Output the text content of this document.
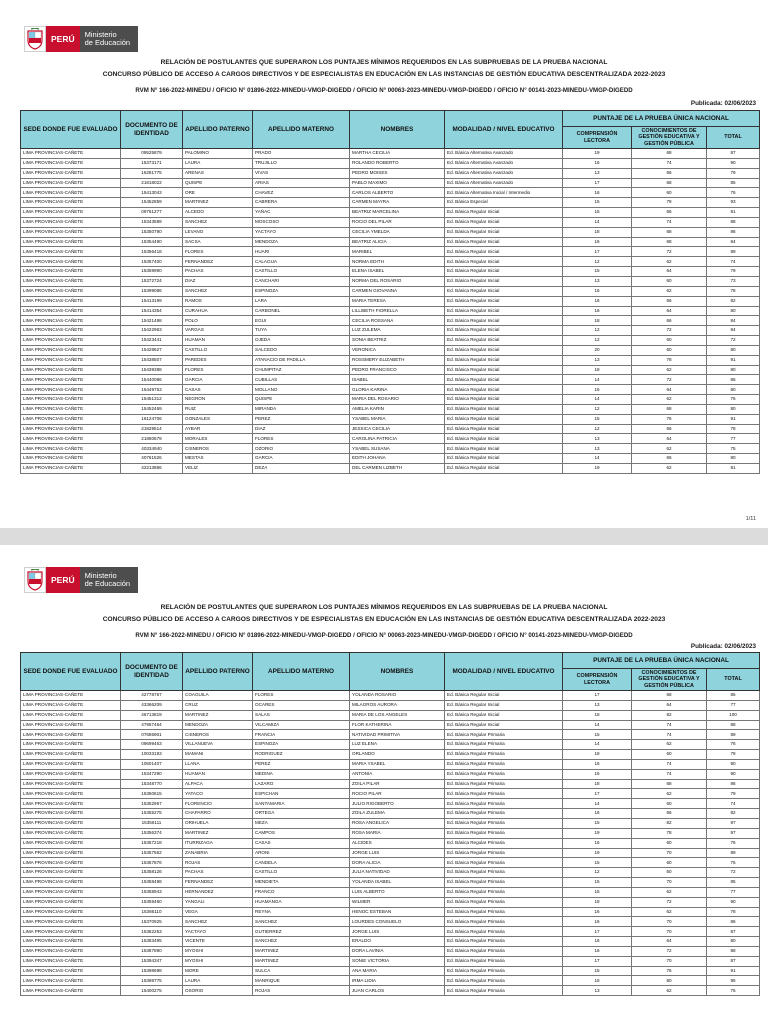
PERÚ	Ministerio
de Educación
RELACIÓN DE POSTULANTES QUE SUPERARON LOS PUNTAJES MÍNIMOS REQUERIDOS EN LAS SUBPRUEBAS DE LA PRUEBA NACIONAL
CONCURSO PÚBLICO DE ACCESO A CARGOS DIRECTIVOS Y DE ESPECIALISTAS EN EDUCACIÓN EN LAS INSTANCIAS DE GESTIÓN EDUCATIVA DESCENTRALIZADA 2022-2023
RVM N° 166-2022-MINEDU / OFICIO N° 01896-2022-MINEDU-VMGP-DIGEDD / OFICIO N° 00063-2023-MINEDU-VMGP-DIGEDD / OFICIO N° 00141-2023-MINEDU-VMGP-DIGEDD
Publicada: 02/06/2023
SEDE DONDE FUE EVALUADO	DOCUMENTO DE IDENTIDAD	APELLIDO PATERNO	APELLIDO MATERNO	NOMBRES	MODALIDAD / NIVEL EDUCATIVO	PUNTAJE DE LA PRUEBA ÚNICA NACIONAL		
						COMPRENSIÓN LECTORA	CONOCIMIENTOS DE GESTIÓN EDUCATIVA Y GESTIÓN PÚBLICA	TOTAL
LIMA PROVINCIAS-CAÑETE	09525879	PALOMINO	PRADO	MARTHA CECILIA	Ed. Básica Alternativa Avanzado	19	68	87
LIMA PROVINCIAS-CAÑETE	15373171	LAURA	TRUJILLO	ROLANDO ROBERTO	Ed. Básica Alternativa Avanzado	16	74	90
LIMA PROVINCIAS-CAÑETE	16281775	ARENAS	VIVAS	PEDRO MOISES	Ed. Básica Alternativa Avanzado	13	66	79
LIMA PROVINCIAS-CAÑETE	21818022	QUISPE	ARIAS	PABLO MAXIMO	Ed. Básica Alternativa Avanzado	17	68	85
LIMA PROVINCIAS-CAÑETE	15413043	ORE	CHAVEZ	CARLOS ALBERTO	Ed. Básica Alternativa Inicial / Intermedio	16	60	76
LIMA PROVINCIAS-CAÑETE	15452859	MARTINEZ	CABRERA	CARMEN MAYRA	Ed. Básica Especial	15	78	93
LIMA PROVINCIAS-CAÑETE	09761277	ALCEDO	YAÑAC	BEATRIZ MARCELINA	Ed. Básica Regular Inicial	15	66	81
LIMA PROVINCIAS-CAÑETE	15343589	SANCHEZ	MOSCOSO	ROCIO DEL PILAR	Ed. Básica Regular Inicial	14	74	88
LIMA PROVINCIAS-CAÑETE	15350790	LEVANO	YACTAYO	CECILIA YMELDA	Ed. Básica Regular Inicial	18	68	86
LIMA PROVINCIAS-CAÑETE	15354490	SACSA	MENDOZA	BEATRIZ ALICIA	Ed. Básica Regular Inicial	16	68	84
LIMA PROVINCIAS-CAÑETE	15356418	FLORES	HUARI	MARIBEL	Ed. Básica Regular Inicial	17	72	89
LIMA PROVINCIAS-CAÑETE	15357400	FERNANDEZ	CALAGUA	NORMA EDITH	Ed. Básica Regular Inicial	12	62	74
LIMA PROVINCIAS-CAÑETE	15359990	PACHAS	CASTILLO	ELENA ISABEL	Ed. Básica Regular Inicial	15	64	79
LIMA PROVINCIAS-CAÑETE	15372724	DIAZ	CANCHARI	NORMA DEL ROSARIO	Ed. Básica Regular Inicial	13	60	73
LIMA PROVINCIAS-CAÑETE	15399086	SANCHEZ	ESPINOZA	CARMEN GIOVANNA	Ed. Básica Regular Inicial	16	62	78
LIMA PROVINCIAS-CAÑETE	15413199	RAMOS	LARA	MARIA TERESA	Ed. Básica Regular Inicial	16	66	82
LIMA PROVINCIAS-CAÑETE	15414354	CURAHUA	CARBONEL	LILLIBETH FIORELLA	Ed. Básica Regular Inicial	16	64	80
LIMA PROVINCIAS-CAÑETE	15421498	POLO	EGUI	CECILIA ROSSANA	Ed. Básica Regular Inicial	18	66	84
LIMA PROVINCIAS-CAÑETE	15422963	VARGAS	TUYA	LUZ ZULEMA	Ed. Básica Regular Inicial	12	72	84
LIMA PROVINCIAS-CAÑETE	15423441	HUAMAN	OJEDA	SONIA BEATRIZ	Ed. Básica Regular Inicial	12	60	72
LIMA PROVINCIAS-CAÑETE	15428627	CASTILLO	SALCEDO	VERONICA	Ed. Básica Regular Inicial	20	60	80
LIMA PROVINCIAS-CAÑETE	15438507	PAREDES	ATANACIO DE PADILLA	ROSSMERY ELIZABETH	Ed. Básica Regular Inicial	13	78	91
LIMA PROVINCIAS-CAÑETE	15439388	FLORES	CHUMPITAZ	PEDRO FRANCISCO	Ed. Básica Regular Inicial	18	62	80
LIMA PROVINCIAS-CAÑETE	15440086	GARCIA	CUBILLAS	ISABEL	Ed. Básica Regular Inicial	14	72	86
LIMA PROVINCIAS-CAÑETE	15449753	CASAS	MOLLANO	GLORIA KARINA	Ed. Básica Regular Inicial	16	64	80
LIMA PROVINCIAS-CAÑETE	15451312	NEGRON	QUISPE	MARIA DEL ROSARIO	Ed. Básica Regular Inicial	14	62	76
LIMA PROVINCIAS-CAÑETE	15452469	RUIZ	MIRANDA	AMELIA KARIN	Ed. Básica Regular Inicial	12	68	80
LIMA PROVINCIAS-CAÑETE	16124706	GONZALES	PEREZ	YSABEL MARIA	Ed. Básica Regular Inicial	15	76	91
LIMA PROVINCIAS-CAÑETE	21829514	AYBAR	DIAZ	JESSICA CECILIA	Ed. Básica Regular Inicial	12	66	78
LIMA PROVINCIAS-CAÑETE	21860579	MORALES	FLORES	CAROLINA PATRICIA	Ed. Básica Regular Inicial	13	64	77
LIMA PROVINCIAS-CAÑETE	40334940	CISNEROS	OZORIO	YSABEL SUSANA	Ed. Básica Regular Inicial	13	62	75
LIMA PROVINCIAS-CAÑETE	40761526	MESTAS	GARCIA	EDITH JOHANA	Ed. Básica Regular Inicial	14	66	80
LIMA PROVINCIAS-CAÑETE	42213866	VELIZ	DEZA	DEL CARMEN LIZBETH	Ed. Básica Regular Inicial	19	62	81
1/11
PERÚ	Ministerio
de Educación
RELACIÓN DE POSTULANTES QUE SUPERARON LOS PUNTAJES MÍNIMOS REQUERIDOS EN LAS SUBPRUEBAS DE LA PRUEBA NACIONAL
CONCURSO PÚBLICO DE ACCESO A CARGOS DIRECTIVOS Y DE ESPECIALISTAS EN EDUCACIÓN EN LAS INSTANCIAS DE GESTIÓN EDUCATIVA DESCENTRALIZADA 2022-2023
RVM N° 166-2022-MINEDU / OFICIO N° 01896-2022-MINEDU-VMGP-DIGEDD / OFICIO N° 00063-2023-MINEDU-VMGP-DIGEDD / OFICIO N° 00141-2023-MINEDU-VMGP-DIGEDD
Publicada: 02/06/2023
SEDE DONDE FUE EVALUADO	DOCUMENTO DE IDENTIDAD	APELLIDO PATERNO	APELLIDO MATERNO	NOMBRES	MODALIDAD / NIVEL EDUCATIVO	PUNTAJE DE LA PRUEBA ÚNICA NACIONAL		
						COMPRENSIÓN LECTORA	CONOCIMIENTOS DE GESTIÓN EDUCATIVA Y GESTIÓN PÚBLICA	TOTAL
LIMA PROVINCIAS-CAÑETE	42778767	COAGUILA	FLORES	YOLANDA ROSARIO	Ed. Básica Regular Inicial	17	68	85
LIMA PROVINCIAS-CAÑETE	43366209	CRUZ	OCARES	MILAGROS AURORA	Ed. Básica Regular Inicial	13	64	77
LIMA PROVINCIAS-CAÑETE	46713819	MARTINEZ	SALAS	MARIA DE LOS ANGELES	Ed. Básica Regular Inicial	18	82	100
LIMA PROVINCIAS-CAÑETE	47957464	MENDOZA	VILCAMIZA	FLOR KATHERINA	Ed. Básica Regular Inicial	14	74	88
LIMA PROVINCIAS-CAÑETE	07686901	CISNEROS	FRANCIA	NATIVIDAD PRIMITIVA	Ed. Básica Regular Primaria	15	74	89
LIMA PROVINCIAS-CAÑETE	09699463	VILLANUEVA	ESPINOZA	LUZ ELENA	Ed. Básica Regular Primaria	14	62	76
LIMA PROVINCIAS-CAÑETE	10033193	MAMANI	RODRIGUEZ	ORLANDO	Ed. Básica Regular Primaria	18	60	78
LIMA PROVINCIAS-CAÑETE	10501407	LLANA	PEREZ	MARIA YSABEL	Ed. Básica Regular Primaria	16	74	90
LIMA PROVINCIAS-CAÑETE	15347290	HUAMAN	MEDINA	ANTONIA	Ed. Básica Regular Primaria	16	74	90
LIMA PROVINCIAS-CAÑETE	15348770	ALPACA	LAZARO	ZOILA PILAR	Ed. Básica Regular Primaria	18	68	86
LIMA PROVINCIAS-CAÑETE	15350615	YATACO	ESPICHAN	ROCIO PILAR	Ed. Básica Regular Primaria	17	62	79
LIMA PROVINCIAS-CAÑETE	15352957	FLORENCIO	SANTAMARIA	JULIO RIGOBERTO	Ed. Básica Regular Primaria	14	60	74
LIMA PROVINCIAS-CAÑETE	15355275	CHAPARRO	ORTEGA	ZOILA ZULEMA	Ed. Básica Regular Primaria	16	66	82
LIMA PROVINCIAS-CAÑETE	15356111	ORIHUELA	MEZA	ROSA ANGELICA	Ed. Básica Regular Primaria	15	82	97
LIMA PROVINCIAS-CAÑETE	15356374	MARTINEZ	CAMPOS	ROSA MARIA	Ed. Básica Regular Primaria	19	78	97
LIMA PROVINCIAS-CAÑETE	15357218	ITURRIZAGA	CASAS	ALCIDES	Ed. Básica Regular Primaria	16	60	76
LIMA PROVINCIAS-CAÑETE	15357562	ZANABRIA	ARONI	JORGE LUIS	Ed. Básica Regular Primaria	19	70	89
LIMA PROVINCIAS-CAÑETE	15357876	ROJAS	CANDELA	DORA ALICIA	Ed. Básica Regular Primaria	15	60	75
LIMA PROVINCIAS-CAÑETE	15358126	PACHAS	CASTILLO	JULIA NATIVIDAD	Ed. Básica Regular Primaria	12	60	72
LIMA PROVINCIAS-CAÑETE	15358498	FERNANDEZ	MENDIETA	YOLANDA ISABEL	Ed. Básica Regular Primaria	15	70	85
LIMA PROVINCIAS-CAÑETE	15358943	HERNANDEZ	FRANCO	LUIS ALBERTO	Ed. Básica Regular Primaria	15	62	77
LIMA PROVINCIAS-CAÑETE	15359460	YANGALI	HUAMANGA	WILMER	Ed. Básica Regular Primaria	18	72	90
LIMA PROVINCIAS-CAÑETE	15366110	VEGA	REYNA	HENOC ESTEBAN	Ed. Básica Regular Primaria	16	62	78
LIMA PROVINCIAS-CAÑETE	15370925	SANCHEZ	SANCHEZ	LOURDES CONSUELO	Ed. Básica Regular Primaria	16	70	86
LIMA PROVINCIAS-CAÑETE	15382253	YACTAYO	GUTIERREZ	JORGE LUIS	Ed. Básica Regular Primaria	17	70	87
LIMA PROVINCIAS-CAÑETE	15383495	VICENTE	SANCHEZ	ERALDO	Ed. Básica Regular Primaria	16	64	80
LIMA PROVINCIAS-CAÑETE	15387890	MYOSHI	MARTINEZ	DORA LAVINIA	Ed. Básica Regular Primaria	16	72	88
LIMA PROVINCIAS-CAÑETE	15394347	MYOSHI	MARTINEZ	SONIE VICTORIA	Ed. Básica Regular Primaria	17	70	87
LIMA PROVINCIAS-CAÑETE	15398698	MORE	SULCA	ANA MARIA	Ed. Básica Regular Primaria	15	76	91
LIMA PROVINCIAS-CAÑETE	15398775	LAURA	MANRIQUE	IRMA LIDIA	Ed. Básica Regular Primaria	15	80	95
LIMA PROVINCIAS-CAÑETE	15400275	OSORIO	ROJAS	JUAN CARLOS	Ed. Básica Regular Primaria	13	62	75
